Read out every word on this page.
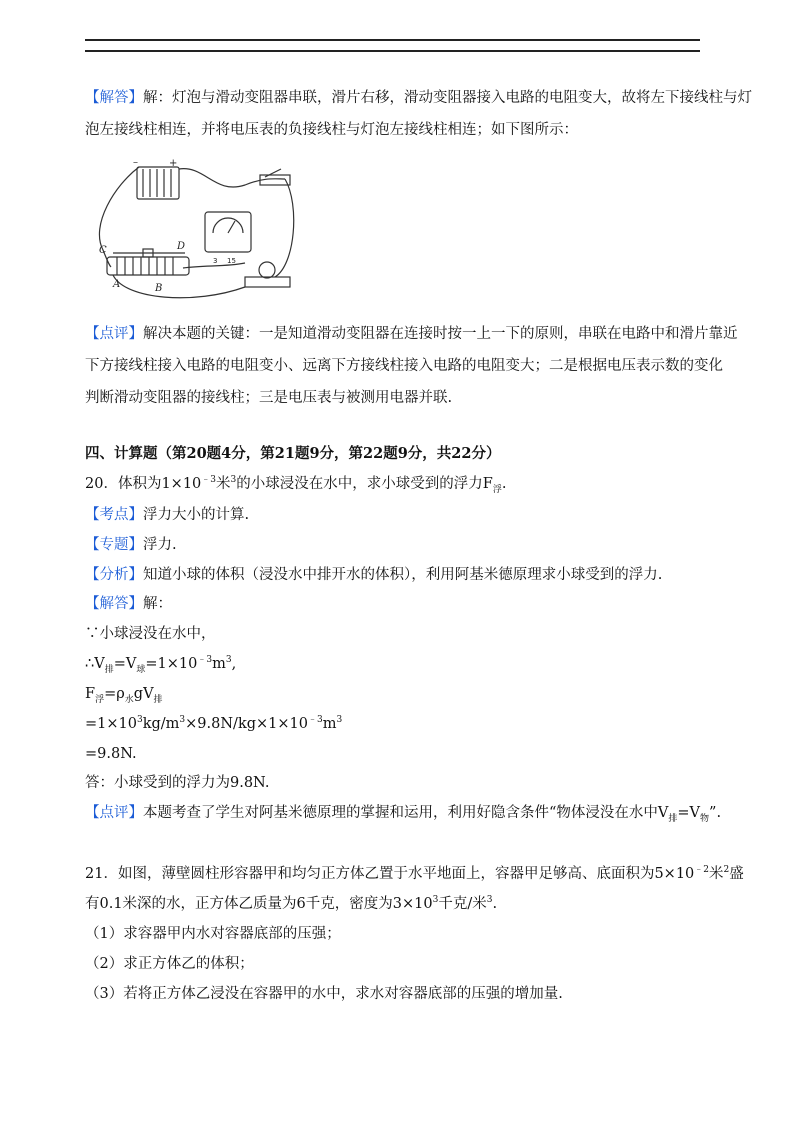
【解答】解：灯泡与滑动变阻器串联，滑片右移，滑动变阻器接入电路的电阻变大，故将左下接线柱与灯
泡左接线柱相连，并将电压表的负接线柱与灯泡左接线柱相连；如下图所示：
–	+
C	D
A	B
3 15
【点评】解决本题的关键：一是知道滑动变阻器在连接时按一上一下的原则，串联在电路中和滑片靠近
下方接线柱接入电路的电阻变小、远离下方接线柱接入电路的电阻变大；二是根据电压表示数的变化
判断滑动变阻器的接线柱；三是电压表与被测用电器并联.
四、计算题（第20题4分，第21题9分，第22题9分，共22分）
20．体积为$1\times 10^{﹣3}$米$^3$的小球浸没在水中，求小球受到的浮力$F_浮$.
【考点】浮力大小的计算.
【专题】浮力.
【分析】知道小球的体积（浸没水中排开水的体积），利用阿基米德原理求小球受到的浮力.
【解答】解：
∵小球浸没在水中，
$\therefore V_排=V_球=1\times 10^{﹣3}m^3$,
$F_浮=\rho_水gV_排$
$=1\times 10^3kg/m^3\times 9.8N/kg\times 1\times 10^{﹣3}m^3$
=9.8N.
答：小球受到的浮力为9.8N.
【点评】本题考查了学生对阿基米德原理的掌握和运用，利用好隐含条件“物体浸没在水中$V_排=V_物$”.
21．如图，薄壁圆柱形容器甲和均匀正方体乙置于水平地面上，容器甲足够高、底面积为$5\times 10^{﹣2}$米$^2$盛
有0.1米深的水，正方体乙质量为6千克，密度为$3\times 10^3$千克/米$^3$.
（1）求容器甲内水对容器底部的压强；
（2）求正方体乙的体积；
（3）若将正方体乙浸没在容器甲的水中，求水对容器底部的压强的增加量.
